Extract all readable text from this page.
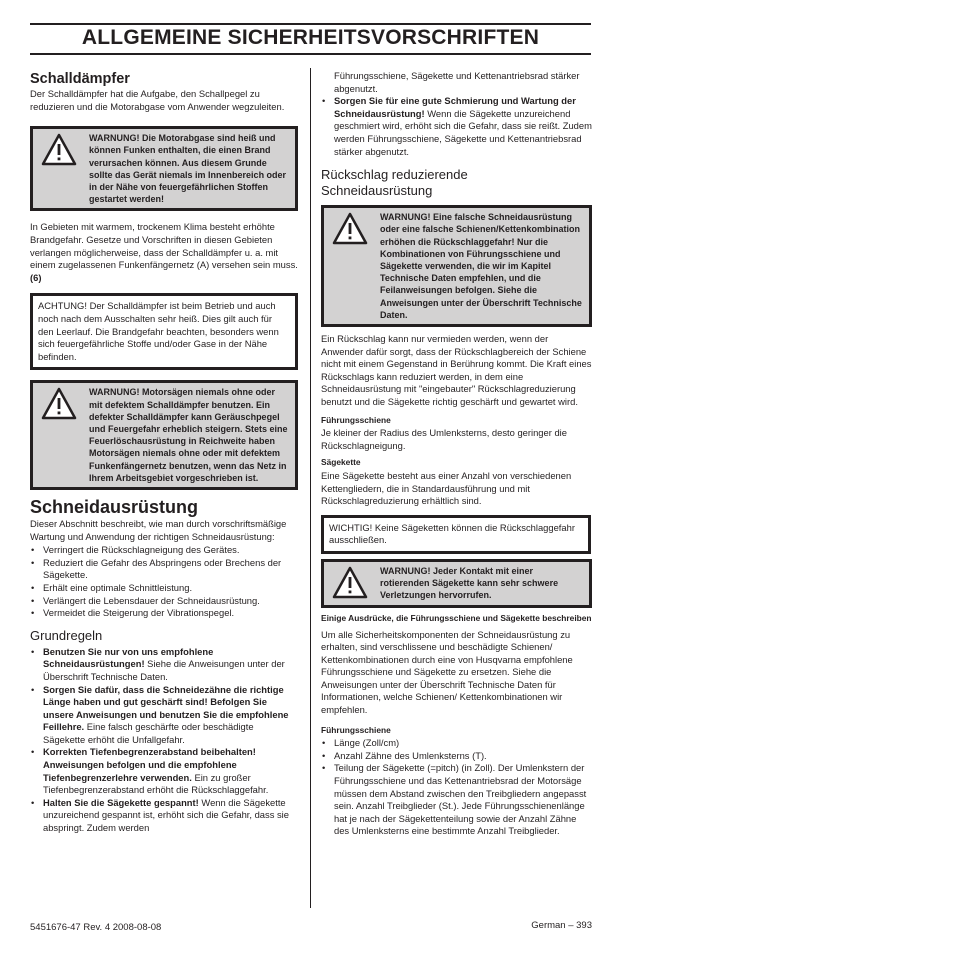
ALLGEMEINE SICHERHEITSVORSCHRIFTEN
Schalldämpfer

Der Schalldämpfer hat die Aufgabe, den Schallpegel zu reduzieren und die Motorabgase vom Anwender wegzuleiten.

WARNUNG! Die Motorabgase sind heiß und können Funken enthalten, die einen Brand verursachen können. Aus diesem Grunde sollte das Gerät niemals im Innenbereich oder in der Nähe von feuergefährlichen Stoffen gestartet werden!

In Gebieten mit warmem, trockenem Klima besteht erhöhte Brandgefahr. Gesetze und Vorschriften in diesen Gebieten verlangen möglicherweise, dass der Schalldämpfer u. a. mit einem zugelassenen Funkenfängernetz (A) versehen sein muss. (6)

ACHTUNG! Der Schalldämpfer ist beim Betrieb und auch noch nach dem Ausschalten sehr heiß. Dies gilt auch für den Leerlauf. Die Brandgefahr beachten, besonders wenn sich feuergefährliche Stoffe und/oder Gase in der Nähe befinden.
WARNUNG! Motorsägen niemals ohne oder mit defektem Schalldämpfer benutzen. Ein defekter Schalldämpfer kann Geräuschpegel und Feuergefahr erheblich steigern. Stets eine Feuerlöschausrüstung in Reichweite haben Motorsägen niemals ohne oder mit defektem Funkenfängernetz benutzen, wenn das Netz in Ihrem Arbeitsgebiet vorgeschrieben ist.
Schneidausrüstung

Dieser Abschnitt beschreibt, wie man durch vorschriftsmäßige Wartung und Anwendung der richtigen Schneidausrüstung:

• Verringert die Rückschlagneigung des Gerätes.
• Reduziert die Gefahr des Abspringens oder Brechens der Sägekette.
• Erhält eine optimale Schnittleistung.
• Verlängert die Lebensdauer der Schneidausrüstung.
• Vermeidet die Steigerung der Vibrationspegel.
Grundregeln
• Benutzen Sie nur von uns empfohlene Schneidausrüstungen! Siehe die Anweisungen unter der Überschrift Technische Daten.
• Sorgen Sie dafür, dass die Schneidezähne die richtige Länge haben und gut geschärft sind! Befolgen Sie unsere Anweisungen und benutzen Sie die empfohlene Feillehre. Eine falsch geschärfte oder beschädigte Sägekette erhöht die Unfallgefahr.
• Korrekten Tiefenbegrenzerabstand beibehalten! Anweisungen befolgen und die empfohlene Tiefenbegrenzerlehre verwenden. Ein zu großer Tiefenbegrenzerabstand erhöht die Rückschlaggefahr.
• Halten Sie die Sägekette gespannt! Wenn die Sägekette unzureichend gespannt ist, erhöht sich die Gefahr, dass sie abspringt. Zudem werden

Führungsschiene, Sägekette und Kettenantriebsrad stärker abgenutzt.

• Sorgen Sie für eine gute Schmierung und Wartung der Schneidausrüstung! Wenn die Sägekette unzureichend geschmiert wird, erhöht sich die Gefahr, dass sie reißt. Zudem werden Führungsschiene, Sägekette und Kettenantriebsrad stärker abgenutzt.
Rückschlag reduzierende
Schneidausrüstung
WARNUNG! Eine falsche Schneidausrüstung oder eine falsche Schienen/Kettenkombination erhöhen die Rückschlaggefahr! Nur die Kombinationen von Führungsschiene und Sägekette verwenden, die wir im Kapitel Technische Daten empfehlen, und die Feilanweisungen befolgen. Siehe die Anweisungen unter der Überschrift Technische Daten.

Ein Rückschlag kann nur vermieden werden, wenn der Anwender dafür sorgt, dass der Rückschlagbereich der Schiene nicht mit einem Gegenstand in Berührung kommt. Die Kraft eines Rückschlags kann reduziert werden, in dem eine Schneidausrüstung mit "eingebauter" Rückschlagreduzierung benutzt und die Sägekette richtig geschärft und gewartet wird.

Führungsschiene

Je kleiner der Radius des Umlenksterns, desto geringer die Rückschlagneigung.

Sägekette

Eine Sägekette besteht aus einer Anzahl von verschiedenen Kettengliedern, die in Standardausführung und mit Rückschlagreduzierung erhältlich sind.

WICHTIG! Keine Sägeketten können die Rückschlaggefahr ausschließen.
WARNUNG! Jeder Kontakt mit einer rotierenden Sägekette kann sehr schwere Verletzungen hervorrufen.

Einige Ausdrücke, die Führungsschiene und Sägekette beschreiben

Um alle Sicherheitskomponenten der Schneidausrüstung zu erhalten, sind verschlissene und beschädigte Schienen/ Kettenkombinationen durch eine von Husqvarna empfohlene Führungsschiene und Sägekette zu ersetzen. Siehe die Anweisungen unter der Überschrift Technische Daten für Informationen, welche Schienen/ Kettenkombinationen wir empfehlen.

Führungsschiene

• Länge (Zoll/cm)
• Anzahl Zähne des Umlenksterns (T).
• Teilung der Sägekette (=pitch) (in Zoll). Der Umlenkstern der Führungsschiene und das Kettenantriebsrad der Motorsäge müssen dem Abstand zwischen den Treibgliedern angepasst sein. Anzahl Treibglieder (St.). Jede Führungsschienenlänge hat je nach der Sägekettenteilung sowie der Anzahl Zähne des Umlenksterns eine bestimmte Anzahl Treibglieder.
5451676-47 Rev. 4 2008-08-08	German – 393
